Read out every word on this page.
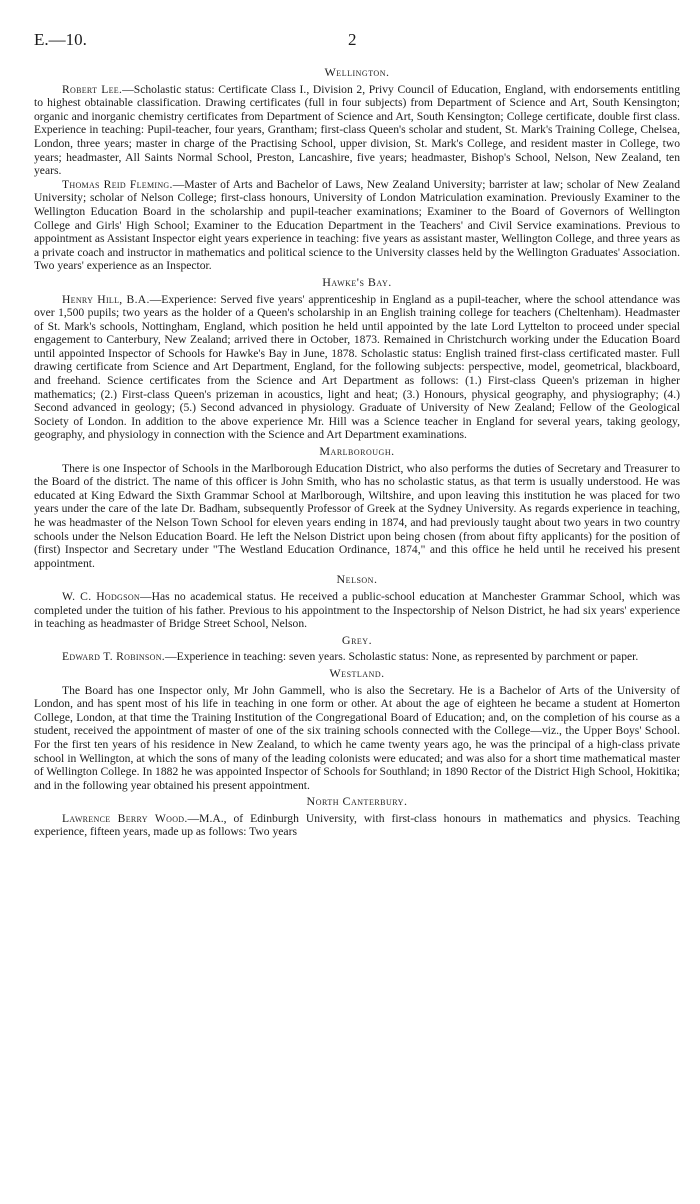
E.—10.	2
Wellington.

Robert Lee.—Scholastic status: Certificate Class I., Division 2, Privy Council of Education, England, with endorsements entitling to highest obtainable classification. Drawing certificates (full in four subjects) from Department of Science and Art, South Kensington; organic and inorganic chemistry certificates from Department of Science and Art, South Kensington; College certificate, double first class. Experience in teaching: Pupil-teacher, four years, Grantham; first-class Queen's scholar and student, St. Mark's Training College, Chelsea, London, three years; master in charge of the Practising School, upper division, St. Mark's College, and resident master in College, two years; headmaster, All Saints Normal School, Preston, Lancashire, five years; headmaster, Bishop's School, Nelson, New Zealand, ten years.

Thomas Reid Fleming.—Master of Arts and Bachelor of Laws, New Zealand University; barrister at law; scholar of New Zealand University; scholar of Nelson College; first-class honours, University of London Matriculation examination. Previously Examiner to the Wellington Education Board in the scholarship and pupil-teacher examinations; Examiner to the Board of Governors of Wellington College and Girls' High School; Examiner to the Education Department in the Teachers' and Civil Service examinations. Previous to appointment as Assistant Inspector eight years experience in teaching: five years as assistant master, Wellington College, and three years as a private coach and instructor in mathematics and political science to the University classes held by the Wellington Graduates' Association. Two years' experience as an Inspector.

Hawke's Bay.

Henry Hill, B.A.—Experience: Served five years' apprenticeship in England as a pupil-teacher, where the school attendance was over 1,500 pupils; two years as the holder of a Queen's scholarship in an English training college for teachers (Cheltenham). Headmaster of St. Mark's schools, Nottingham, England, which position he held until appointed by the late Lord Lyttelton to proceed under special engagement to Canterbury, New Zealand; arrived there in October, 1873. Remained in Christchurch working under the Education Board until appointed Inspector of Schools for Hawke's Bay in June, 1878. Scholastic status: English trained first-class certificated master. Full drawing certificate from Science and Art Department, England, for the following subjects: perspective, model, geometrical, blackboard, and freehand. Science certificates from the Science and Art Department as follows: (1.) First-class Queen's prizeman in higher mathematics; (2.) First-class Queen's prizeman in acoustics, light and heat; (3.) Honours, physical geography, and physiography; (4.) Second advanced in geology; (5.) Second advanced in physiology. Graduate of University of New Zealand; Fellow of the Geological Society of London. In addition to the above experience Mr. Hill was a Science teacher in England for several years, taking geology, geography, and physiology in connection with the Science and Art Department examinations.

Marlborough.

There is one Inspector of Schools in the Marlborough Education District, who also performs the duties of Secretary and Treasurer to the Board of the district. The name of this officer is John Smith, who has no scholastic status, as that term is usually understood. He was educated at King Edward the Sixth Grammar School at Marlborough, Wiltshire, and upon leaving this institution he was placed for two years under the care of the late Dr. Badham, subsequently Professor of Greek at the Sydney University. As regards experience in teaching, he was headmaster of the Nelson Town School for eleven years ending in 1874, and had previously taught about two years in two country schools under the Nelson Education Board. He left the Nelson District upon being chosen (from about fifty applicants) for the position of (first) Inspector and Secretary under "The Westland Education Ordinance, 1874," and this office he held until he received his present appointment.

Nelson.

W. C. Hodgson—Has no academical status. He received a public-school education at Manchester Grammar School, which was completed under the tuition of his father. Previous to his appointment to the Inspectorship of Nelson District, he had six years' experience in teaching as headmaster of Bridge Street School, Nelson.

Grey.

Edward T. Robinson.—Experience in teaching: seven years. Scholastic status: None, as represented by parchment or paper.

Westland.

The Board has one Inspector only, Mr John Gammell, who is also the Secretary. He is a Bachelor of Arts of the University of London, and has spent most of his life in teaching in one form or other. At about the age of eighteen he became a student at Homerton College, London, at that time the Training Institution of the Congregational Board of Education; and, on the completion of his course as a student, received the appointment of master of one of the six training schools connected with the College—viz., the Upper Boys' School. For the first ten years of his residence in New Zealand, to which he came twenty years ago, he was the principal of a high-class private school in Wellington, at which the sons of many of the leading colonists were educated; and was also for a short time mathematical master of Wellington College. In 1882 he was appointed Inspector of Schools for Southland; in 1890 Rector of the District High School, Hokitika; and in the following year obtained his present appointment.

North Canterbury.

Lawrence Berry Wood.—M.A., of Edinburgh University, with first-class honours in mathematics and physics. Teaching experience, fifteen years, made up as follows: Two years
